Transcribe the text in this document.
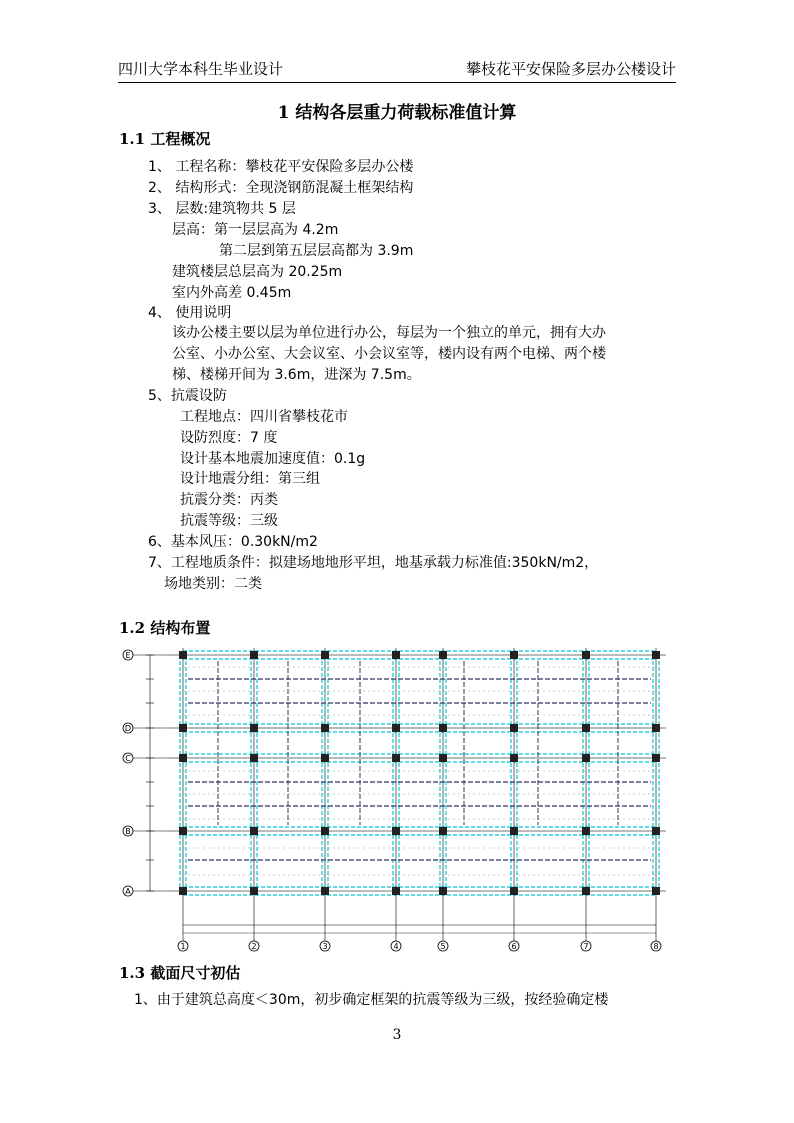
四川大学本科生毕业设计	攀枝花平安保险多层办公楼设计
1 结构各层重力荷载标准值计算
1.1 工程概况
1、 工程名称：攀枝花平安保险多层办公楼
2、 结构形式：全现浇钢筋混凝土框架结构
3、 层数:建筑物共 5 层
层高：第一层层高为 4.2m
第二层到第五层层高都为 3.9m
建筑楼层总层高为 20.25m
室内外高差 0.45m
4、 使用说明
该办公楼主要以层为单位进行办公，每层为一个独立的单元，拥有大办
公室、小办公室、大会议室、小会议室等，楼内设有两个电梯、两个楼
梯、楼梯开间为 3.6m，进深为 7.5m。
5、抗震设防
工程地点：四川省攀枝花市
设防烈度：7 度
设计基本地震加速度值：0.1g
设计地震分组：第三组
抗震分类：丙类
抗震等级：三级
6、基本风压：0.30kN/m2
7、工程地质条件：拟建场地地形平坦，地基承载力标准值:350kN/m2，
场地类别：二类
1.2 结构布置
E
D
C
B
A
1	2	3	4	5	6	7	8
1.3 截面尺寸初估
1、由于建筑总高度＜30m，初步确定框架的抗震等级为三级，按经验确定楼
3
